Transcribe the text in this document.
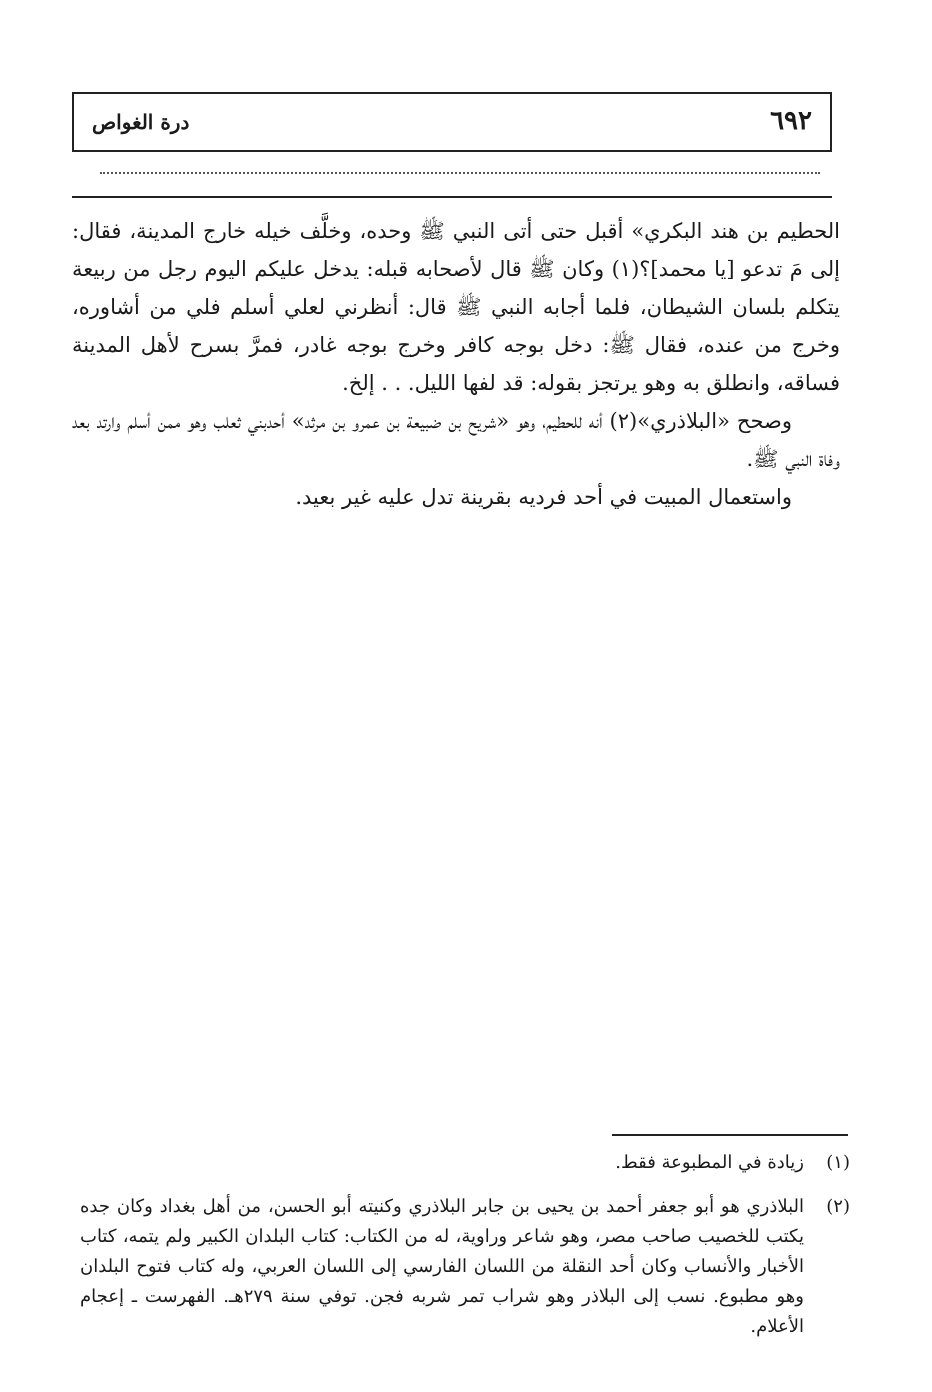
٦٩٢
درة الغواص

الحطيم بن هند البكري» أقبل حتى أتى النبي ﷺ وحده، وخلَّف خيله خارج المدينة، فقال: إلى مَ تدعو [يا محمد]؟(١) وكان ﷺ قال لأصحابه قبله: يدخل عليكم اليوم رجل من ربيعة يتكلم بلسان الشيطان، فلما أجابه النبي ﷺ قال: أنظرني لعلي أسلم فلي من أشاوره، وخرج من عنده، فقال ﷺ: دخل بوجه كافر وخرج بوجه غادر، فمرَّ بسرح لأهل المدينة فساقه، وانطلق به وهو يرتجز بقوله: قد لفها الليل. . . إلخ.

وصحح «البلاذري»(٢) أنه للحطيم، وهو «شريح بن ضبيعة بن عمرو بن مرثد» أحدبني ثعلب وهو ممن أسلم وارتد بعد وفاة النبي ﷺ.

واستعمال المبيت في أحد فرديه بقرينة تدل عليه غير بعيد.

(١)
زيادة في المطبوعة فقط.
(٢)
البلاذري هو أبو جعفر أحمد بن يحيى بن جابر البلاذري وكنيته أبو الحسن، من أهل بغداد وكان جده يكتب للخصيب صاحب مصر، وهو شاعر وراوية، له من الكتاب: كتاب البلدان الكبير ولم يتمه، كتاب الأخبار والأنساب وكان أحد النقلة من اللسان الفارسي إلى اللسان العربي، وله كتاب فتوح البلدان وهو مطبوع. نسب إلى البلاذر وهو شراب تمر شربه فجن. توفي سنة ٢٧٩هـ. الفهرست ـ إعجام الأعلام.
